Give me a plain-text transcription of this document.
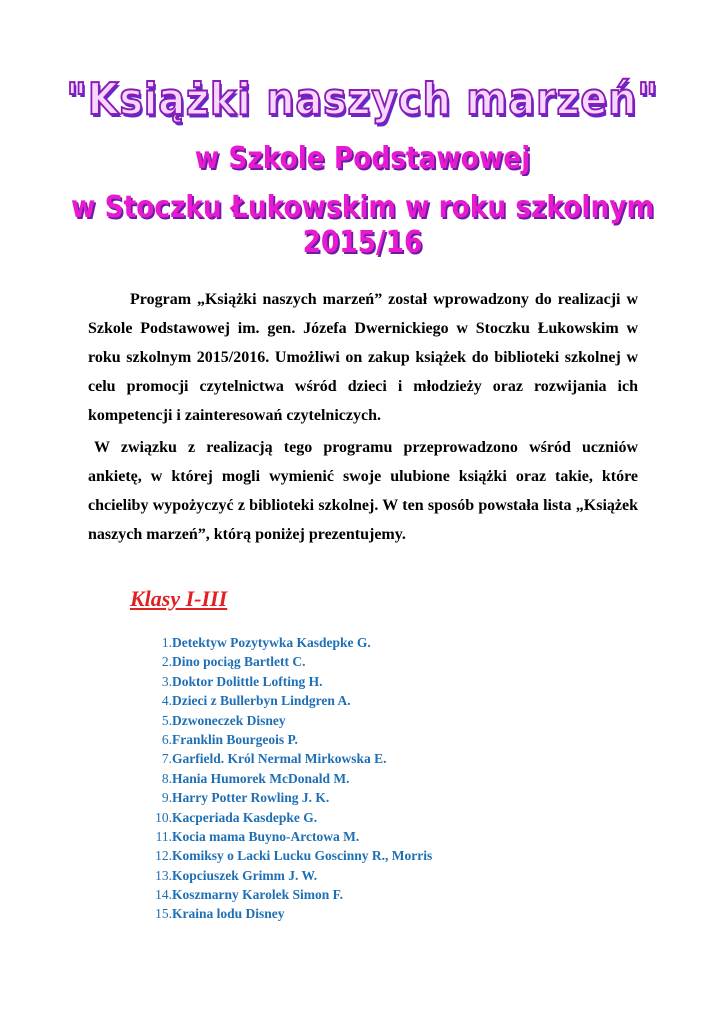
"Książki naszych marzeń"
w Szkole Podstawowej
w Stoczku Łukowskim w roku szkolnym 2015/16
Program „Książki naszych marzeń” został wprowadzony do realizacji w Szkole Podstawowej im. gen. Józefa Dwernickiego w Stoczku Łukowskim w roku szkolnym 2015/2016. Umożliwi on zakup książek do biblioteki szkolnej w celu promocji czytelnictwa wśród dzieci i młodzieży oraz rozwijania ich kompetencji i zainteresowań czytelniczych.
W związku z realizacją tego programu przeprowadzono wśród uczniów ankietę, w której mogli wymienić swoje ulubione książki oraz takie, które chcieliby wypożyczyć z biblioteki szkolnej. W ten sposób powstała lista „Książek naszych marzeń”, którą poniżej prezentujemy.
Klasy I-III
1.Detektyw Pozytywka Kasdepke G.
2.Dino pociąg Bartlett C.
3.Doktor Dolittle Lofting H.
4.Dzieci z Bullerbyn Lindgren A.
5.Dzwoneczek Disney
6.Franklin Bourgeois P.
7.Garfield. Król Nermal Mirkowska E.
8.Hania Humorek McDonald M.
9.Harry Potter Rowling J. K.
10.Kacperiada Kasdepke G.
11.Kocia mama Buyno-Arctowa M.
12.Komiksy o Lacki Lucku Goscinny R., Morris
13.Kopciuszek Grimm J. W.
14.Koszmarny Karolek Simon F.
15.Kraina lodu Disney
